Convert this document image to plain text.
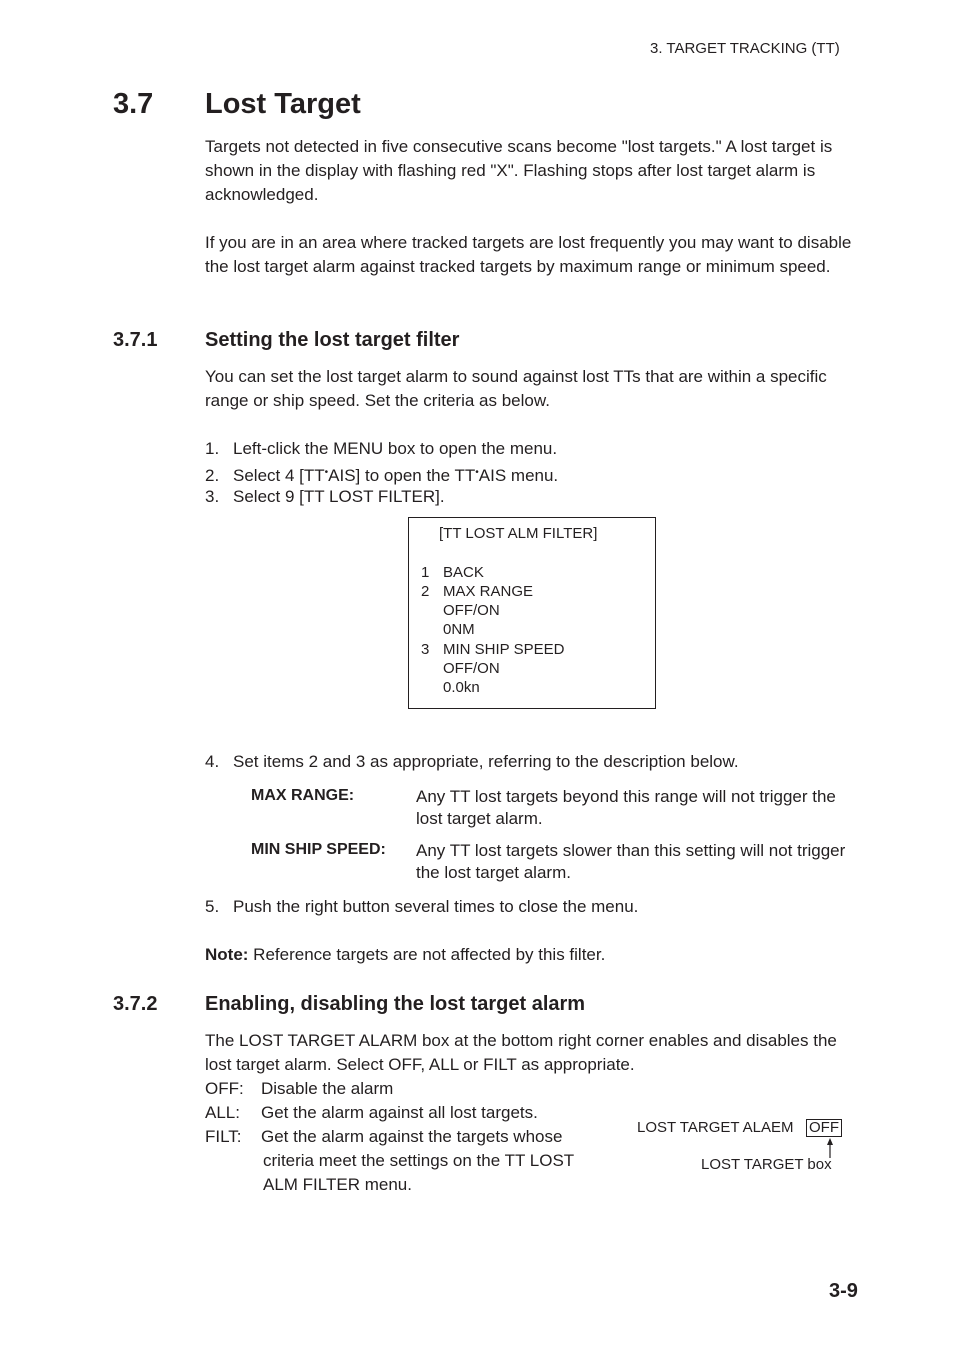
3. TARGET TRACKING (TT)
3.7 Lost Target
Targets not detected in five consecutive scans become "lost targets." A lost target is shown in the display with flashing red "X". Flashing stops after lost target alarm is acknowledged.
If you are in an area where tracked targets are lost frequently you may want to disable the lost target alarm against tracked targets by maximum range or minimum speed.
3.7.1 Setting the lost target filter
You can set the lost target alarm to sound against lost TTs that are within a specific range or ship speed. Set the criteria as below.
1. Left-click the MENU box to open the menu.
2. Select 4 [TT•AIS] to open the TT•AIS menu.
3. Select 9 [TT LOST FILTER].
[TT LOST ALM FILTER]
1 BACK
2 MAX RANGE
OFF/ON
0NM
3 MIN SHIP SPEED
OFF/ON
0.0kn
4. Set items 2 and 3 as appropriate, referring to the description below.
MAX RANGE:	Any TT lost targets beyond this range will not trigger the lost target alarm.
MIN SHIP SPEED: Any TT lost targets slower than this setting will not trigger the lost target alarm.
5. Push the right button several times to close the menu.
Note: Reference targets are not affected by this filter.
3.7.2 Enabling, disabling the lost target alarm
The LOST TARGET ALARM box at the bottom right corner enables and disables the lost target alarm. Select OFF, ALL or FILT as appropriate.
OFF: Disable the alarm
ALL: Get the alarm against all lost targets.
FILT: Get the alarm against the targets whose
criteria meet the settings on the TT LOST
ALM FILTER menu.
LOST TARGET ALAEM OFF
LOST TARGET box
3-9
